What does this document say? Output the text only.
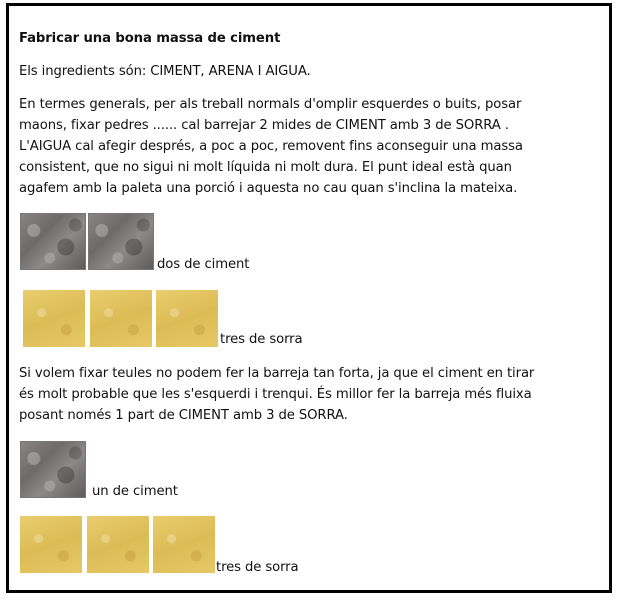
Fabricar una bona massa de ciment
Els ingredients són: CIMENT, ARENA I AIGUA.
En termes generals, per als treball normals d'omplir esquerdes o buits, posar
maons, fixar pedres ...... cal barrejar 2 mides de CIMENT amb 3 de SORRA .
L'AIGUA cal afegir després, a poc a poc, removent fins aconseguir una massa
consistent, que no sigui ni molt líquida ni molt dura. El punt ideal està quan
agafem amb la paleta una porció i aquesta no cau quan s'inclina la mateixa.
dos de ciment
tres de sorra
Si volem fixar teules no podem fer la barreja tan forta, ja que el ciment en tirar
és molt probable que les s'esquerdi i trenqui. És millor fer la barreja més fluixa
posant només 1 part de CIMENT amb 3 de SORRA.
un de ciment
tres de sorra
